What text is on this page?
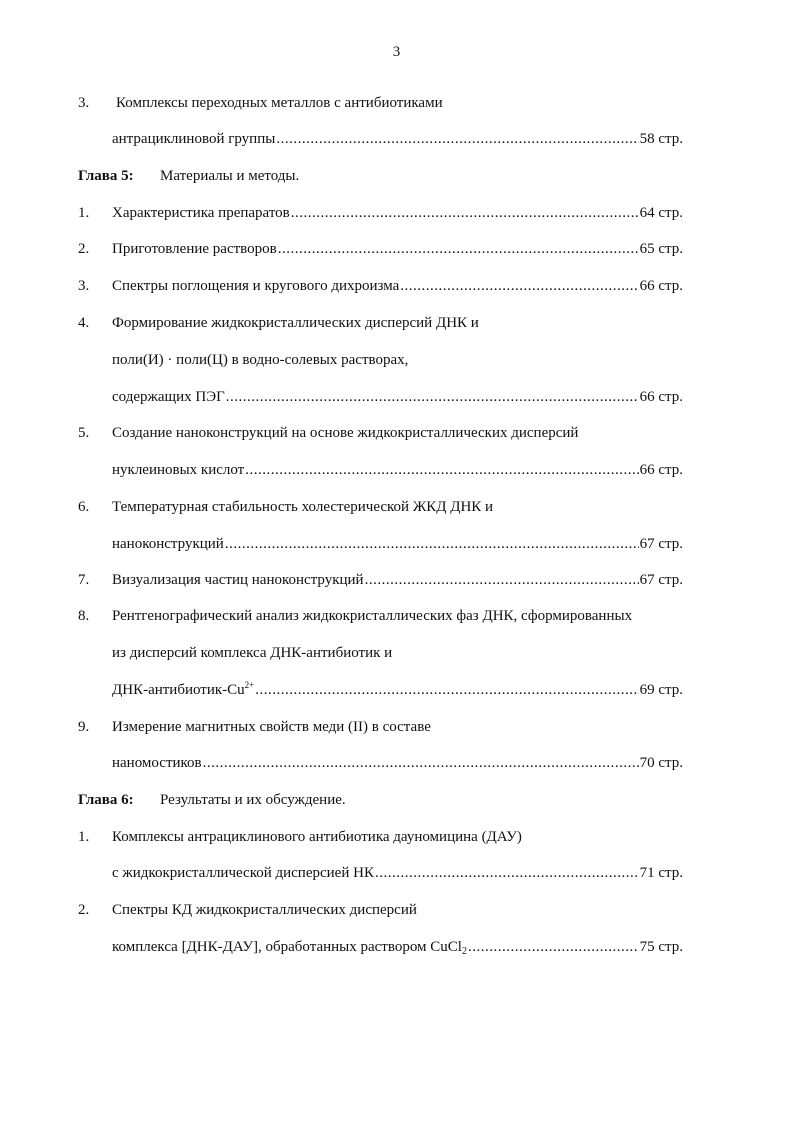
3
3. Комплексы переходных металлов с антибиотиками
антрациклиновой группы .....	58 стр.
Глава 5: Материалы и методы.
1. Характеристика препаратов .....	64 стр.
2. Приготовление растворов .....	65 стр.
3. Спектры поглощения и кругового дихроизма .....	66 стр.
4. Формирование жидкокристаллических дисперсий ДНК и
поли(И) · поли(Ц) в водно-солевых растворах,
содержащих ПЭГ .....	66 стр.
5. Создание наноконструкций на основе жидкокристаллических дисперсий
нуклеиновых кислот .....	66 стр.
6. Температурная стабильность холестерической ЖКД ДНК и
наноконструкций .....	67 стр.
7. Визуализация частиц наноконструкций .....	67 стр.
8. Рентгенографический анализ жидкокристаллических фаз ДНК, сформированных
из дисперсий комплекса ДНК-антибиотик и
ДНК-$антибиотик-Cu^{2+}$ .....	69 стр.
9. Измерение магнитных свойств меди (II) в составе
наномостиков .....	70 стр.
Глава 6: Результаты и их обсуждение.
1. Комплексы антрациклинового антибиотика дауномицина (ДАУ)
с жидкокристаллической дисперсией НК .....	71 стр.
2. Спектры КД жидкокристаллических дисперсий
комплекса [ДНК-ДАУ], обработанных раствором CuCl$_2$ .....	75 стр.
